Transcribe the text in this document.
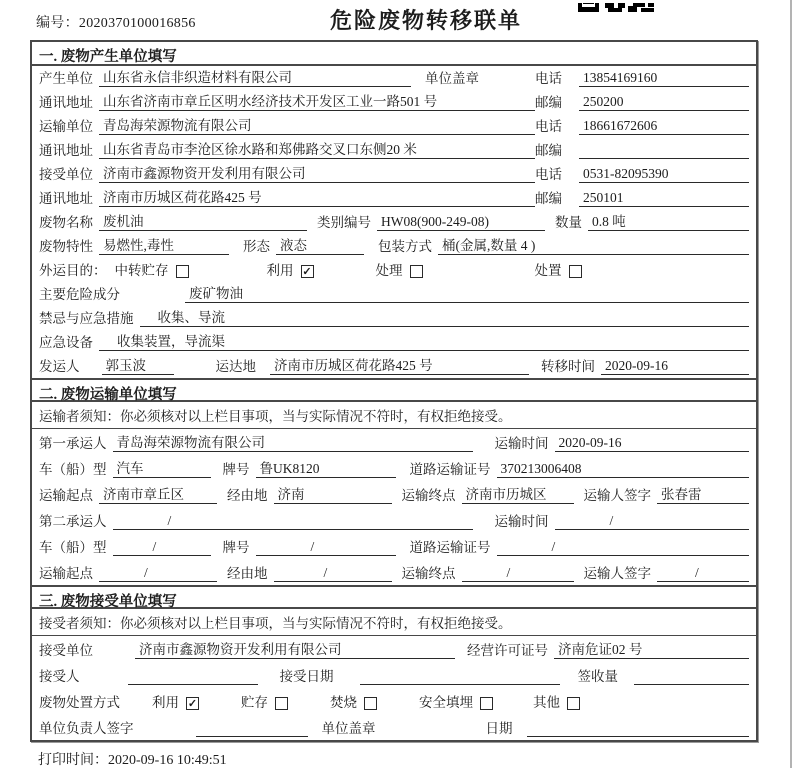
编号：2020370100016856	危险废物转移联单
一. 废物产生单位填写
产生单位 山东省永信非织造材料有限公司	单位盖章	电话	13854169160
通讯地址 山东省济南市章丘区明水经济技术开发区工业一路501 号	邮编	250200
运输单位 青岛海荣源物流有限公司	电话	18661672606
通讯地址 山东省青岛市李沧区徐水路和郑佛路交叉口东侧20 米	邮编
接受单位 济南市鑫源物资开发利用有限公司	电话	0531-82095390
通讯地址 济南市历城区荷花路425 号	邮编	250101
废物名称 废机油	类别编号 HW08(900-249-08)	数量 0.8 吨
废物特性 易燃性,毒性	形态 液态	包装方式 桶(金属,数量 4 )
外运目的： 中转贮存	利用 ✓	处理	处置
主要危险成分	废矿物油
禁忌与应急措施	收集、导流
应急设备	收集装置，导流渠
发运人 郭玉波	运达地 济南市历城区荷花路425 号	转移时间 2020-09-16
二. 废物运输单位填写
运输者须知：你必须核对以上栏目事项，当与实际情况不符时，有权拒绝接受。
第一承运人 青岛海荣源物流有限公司	运输时间 2020-09-16
车（船）型 汽车	牌号 鲁UK8120	道路运输证号 370213006408
运输起点 济南市章丘区	经由地 济南	运输终点 济南市历城区	运输人签字 张春雷
第二承运人	/	运输时间	/
车（船）型	/	牌号	/	道路运输证号	/
运输起点	/	经由地	/	运输终点	/	运输人签字	/
三. 废物接受单位填写
接受者须知：你必须核对以上栏目事项，当与实际情况不符时，有权拒绝接受。
接受单位	济南市鑫源物资开发利用有限公司	经营许可证号 济南危证02 号
接受人	接受日期	签收量
废物处置方式 利用 ✓	贮存	焚烧	安全填埋	其他
单位负责人签字	单位盖章	日期
打印时间：2020-09-16 10:49:51
